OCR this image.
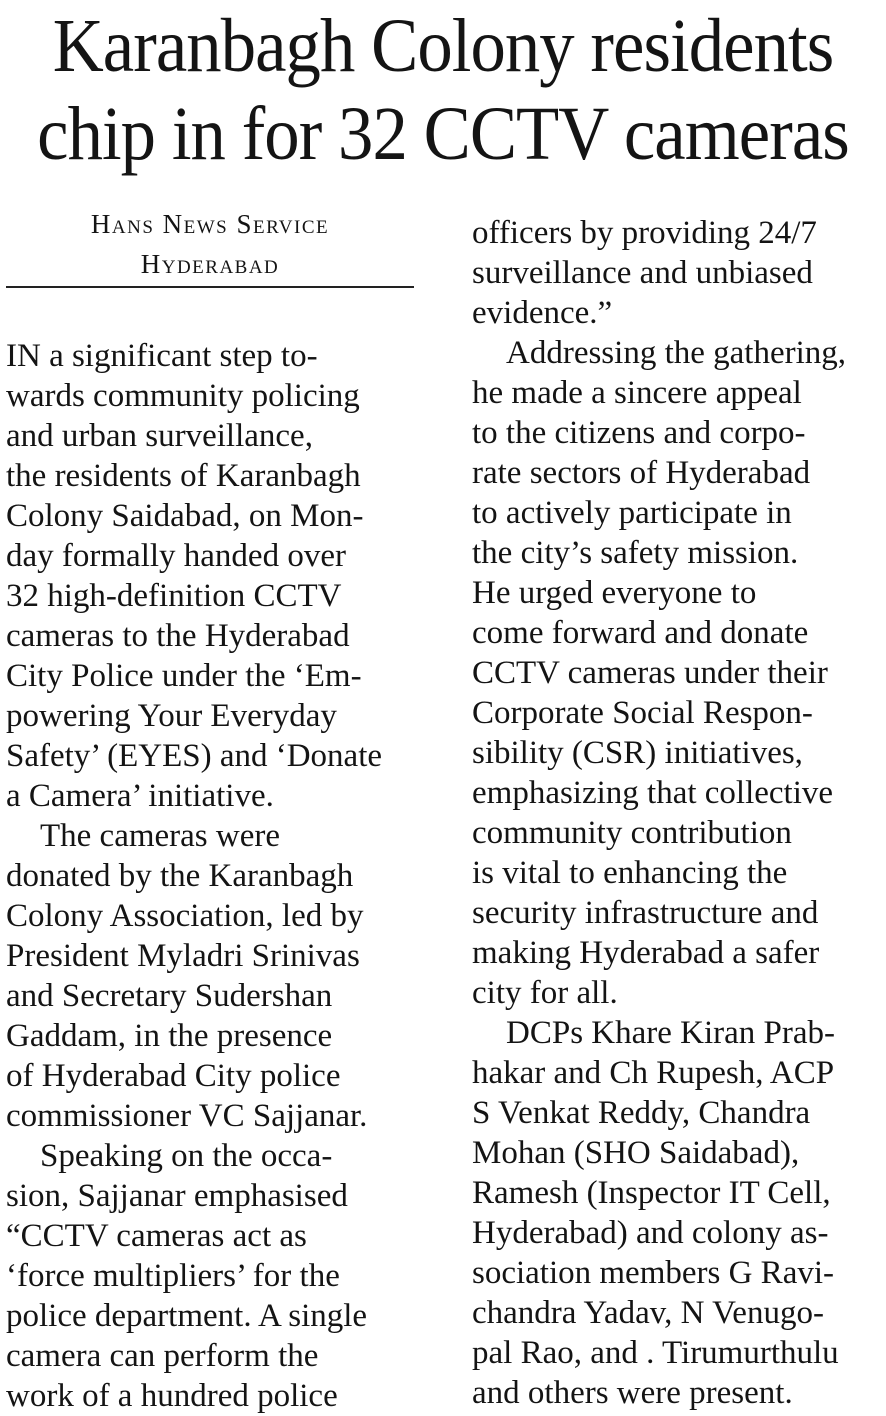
Karanbagh Colony residents
chip in for 32 CCTV cameras
Hans News Service
Hyderabad
IN a significant step to-
wards community policing
and urban surveillance,
the residents of Karanbagh
Colony Saidabad, on Mon-
day formally handed over
32 high-definition CCTV
cameras to the Hyderabad
City Police under the ‘Em-
powering Your Everyday
Safety’ (EYES) and ‘Donate
a Camera’ initiative.
The cameras were
donated by the Karanbagh
Colony Association, led by
President Myladri Srinivas
and Secretary Sudershan
Gaddam, in the presence
of Hyderabad City police
commissioner VC Sajjanar.
Speaking on the occa-
sion, Sajjanar emphasised
“CCTV cameras act as
‘force multipliers’ for the
police department. A single
camera can perform the
work of a hundred police
officers by providing 24/7
surveillance and unbiased
evidence.”
Addressing the gathering,
he made a sincere appeal
to the citizens and corpo-
rate sectors of Hyderabad
to actively participate in
the city’s safety mission.
He urged everyone to
come forward and donate
CCTV cameras under their
Corporate Social Respon-
sibility (CSR) initiatives,
emphasizing that collective
community contribution
is vital to enhancing the
security infrastructure and
making Hyderabad a safer
city for all.
DCPs Khare Kiran Prab-
hakar and Ch Rupesh, ACP
S Venkat Reddy, Chandra
Mohan (SHO Saidabad),
Ramesh (Inspector IT Cell,
Hyderabad) and colony as-
sociation members G Ravi-
chandra Yadav, N Venugo-
pal Rao, and . Tirumurthulu
and others were present.
